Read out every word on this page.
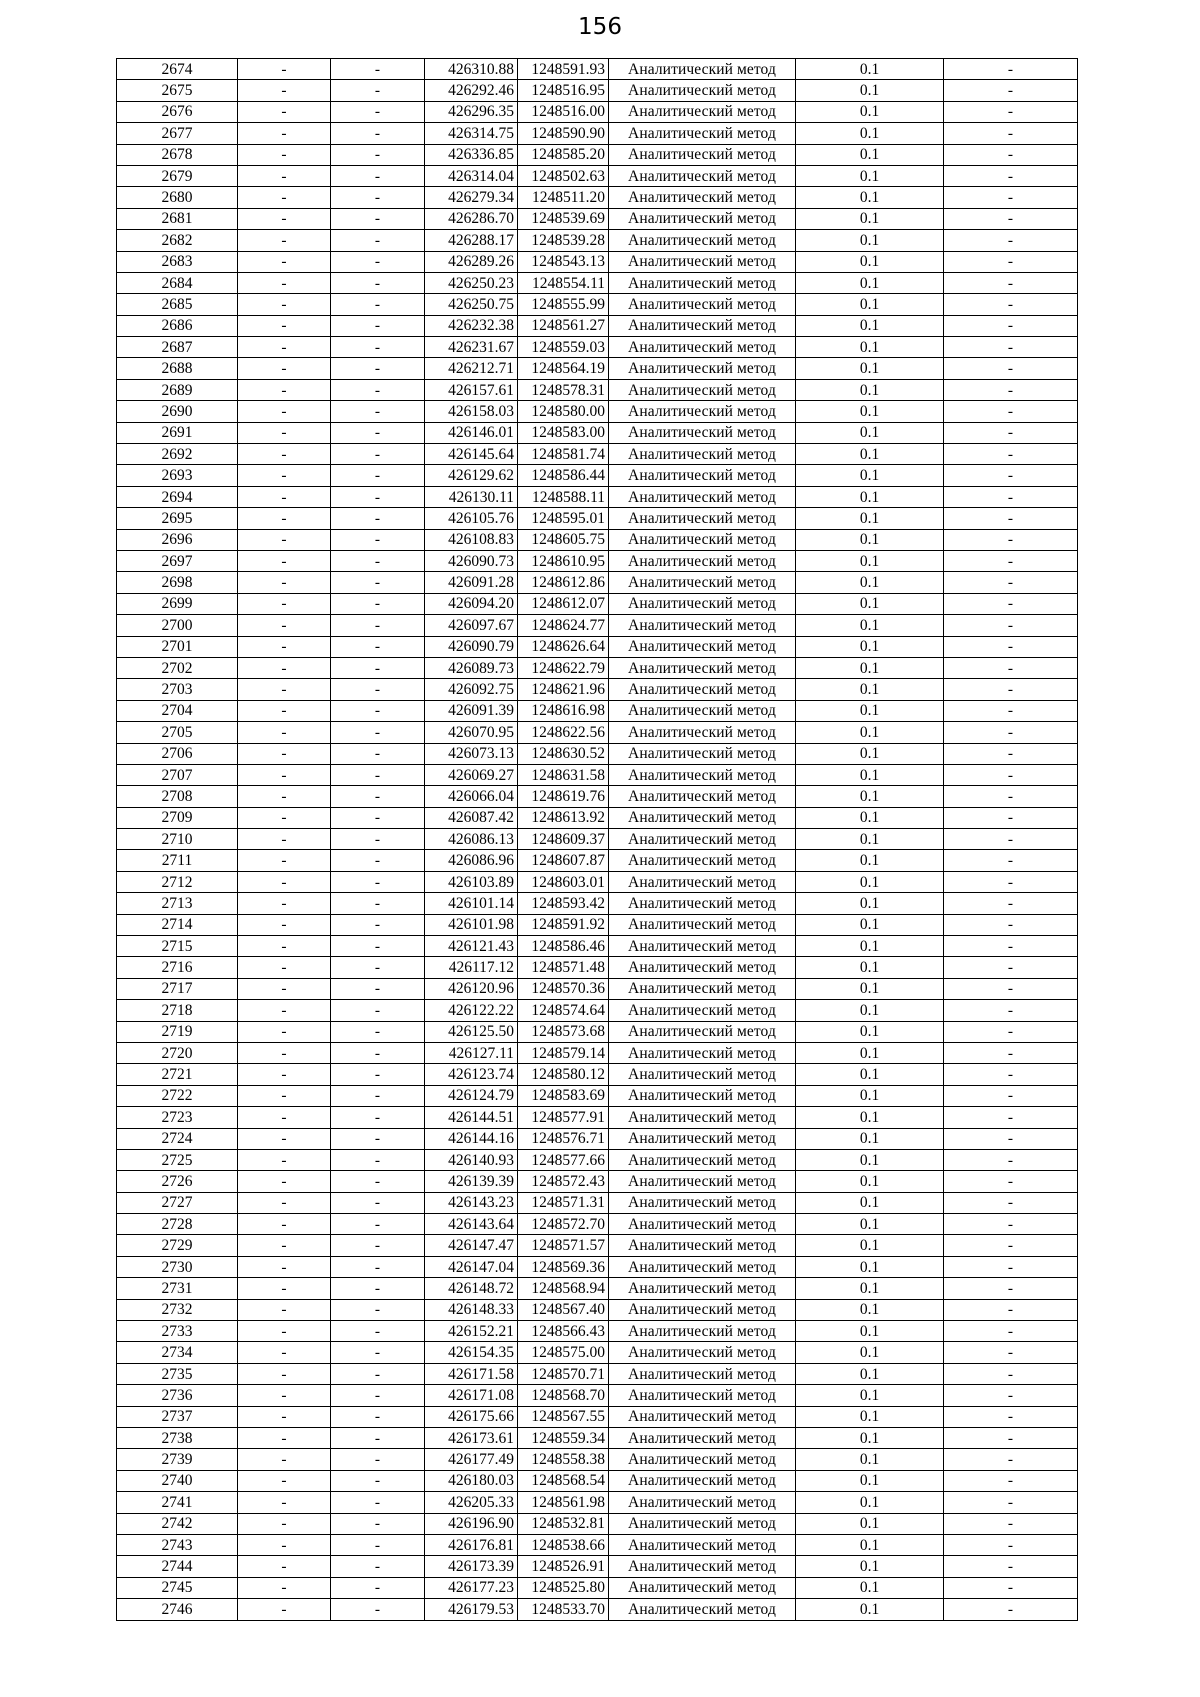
156
2674	-	-	426310.88	1248591.93	Аналитический метод	0.1	-
2675	-	-	426292.46	1248516.95	Аналитический метод	0.1	-
2676	-	-	426296.35	1248516.00	Аналитический метод	0.1	-
2677	-	-	426314.75	1248590.90	Аналитический метод	0.1	-
2678	-	-	426336.85	1248585.20	Аналитический метод	0.1	-
2679	-	-	426314.04	1248502.63	Аналитический метод	0.1	-
2680	-	-	426279.34	1248511.20	Аналитический метод	0.1	-
2681	-	-	426286.70	1248539.69	Аналитический метод	0.1	-
2682	-	-	426288.17	1248539.28	Аналитический метод	0.1	-
2683	-	-	426289.26	1248543.13	Аналитический метод	0.1	-
2684	-	-	426250.23	1248554.11	Аналитический метод	0.1	-
2685	-	-	426250.75	1248555.99	Аналитический метод	0.1	-
2686	-	-	426232.38	1248561.27	Аналитический метод	0.1	-
2687	-	-	426231.67	1248559.03	Аналитический метод	0.1	-
2688	-	-	426212.71	1248564.19	Аналитический метод	0.1	-
2689	-	-	426157.61	1248578.31	Аналитический метод	0.1	-
2690	-	-	426158.03	1248580.00	Аналитический метод	0.1	-
2691	-	-	426146.01	1248583.00	Аналитический метод	0.1	-
2692	-	-	426145.64	1248581.74	Аналитический метод	0.1	-
2693	-	-	426129.62	1248586.44	Аналитический метод	0.1	-
2694	-	-	426130.11	1248588.11	Аналитический метод	0.1	-
2695	-	-	426105.76	1248595.01	Аналитический метод	0.1	-
2696	-	-	426108.83	1248605.75	Аналитический метод	0.1	-
2697	-	-	426090.73	1248610.95	Аналитический метод	0.1	-
2698	-	-	426091.28	1248612.86	Аналитический метод	0.1	-
2699	-	-	426094.20	1248612.07	Аналитический метод	0.1	-
2700	-	-	426097.67	1248624.77	Аналитический метод	0.1	-
2701	-	-	426090.79	1248626.64	Аналитический метод	0.1	-
2702	-	-	426089.73	1248622.79	Аналитический метод	0.1	-
2703	-	-	426092.75	1248621.96	Аналитический метод	0.1	-
2704	-	-	426091.39	1248616.98	Аналитический метод	0.1	-
2705	-	-	426070.95	1248622.56	Аналитический метод	0.1	-
2706	-	-	426073.13	1248630.52	Аналитический метод	0.1	-
2707	-	-	426069.27	1248631.58	Аналитический метод	0.1	-
2708	-	-	426066.04	1248619.76	Аналитический метод	0.1	-
2709	-	-	426087.42	1248613.92	Аналитический метод	0.1	-
2710	-	-	426086.13	1248609.37	Аналитический метод	0.1	-
2711	-	-	426086.96	1248607.87	Аналитический метод	0.1	-
2712	-	-	426103.89	1248603.01	Аналитический метод	0.1	-
2713	-	-	426101.14	1248593.42	Аналитический метод	0.1	-
2714	-	-	426101.98	1248591.92	Аналитический метод	0.1	-
2715	-	-	426121.43	1248586.46	Аналитический метод	0.1	-
2716	-	-	426117.12	1248571.48	Аналитический метод	0.1	-
2717	-	-	426120.96	1248570.36	Аналитический метод	0.1	-
2718	-	-	426122.22	1248574.64	Аналитический метод	0.1	-
2719	-	-	426125.50	1248573.68	Аналитический метод	0.1	-
2720	-	-	426127.11	1248579.14	Аналитический метод	0.1	-
2721	-	-	426123.74	1248580.12	Аналитический метод	0.1	-
2722	-	-	426124.79	1248583.69	Аналитический метод	0.1	-
2723	-	-	426144.51	1248577.91	Аналитический метод	0.1	-
2724	-	-	426144.16	1248576.71	Аналитический метод	0.1	-
2725	-	-	426140.93	1248577.66	Аналитический метод	0.1	-
2726	-	-	426139.39	1248572.43	Аналитический метод	0.1	-
2727	-	-	426143.23	1248571.31	Аналитический метод	0.1	-
2728	-	-	426143.64	1248572.70	Аналитический метод	0.1	-
2729	-	-	426147.47	1248571.57	Аналитический метод	0.1	-
2730	-	-	426147.04	1248569.36	Аналитический метод	0.1	-
2731	-	-	426148.72	1248568.94	Аналитический метод	0.1	-
2732	-	-	426148.33	1248567.40	Аналитический метод	0.1	-
2733	-	-	426152.21	1248566.43	Аналитический метод	0.1	-
2734	-	-	426154.35	1248575.00	Аналитический метод	0.1	-
2735	-	-	426171.58	1248570.71	Аналитический метод	0.1	-
2736	-	-	426171.08	1248568.70	Аналитический метод	0.1	-
2737	-	-	426175.66	1248567.55	Аналитический метод	0.1	-
2738	-	-	426173.61	1248559.34	Аналитический метод	0.1	-
2739	-	-	426177.49	1248558.38	Аналитический метод	0.1	-
2740	-	-	426180.03	1248568.54	Аналитический метод	0.1	-
2741	-	-	426205.33	1248561.98	Аналитический метод	0.1	-
2742	-	-	426196.90	1248532.81	Аналитический метод	0.1	-
2743	-	-	426176.81	1248538.66	Аналитический метод	0.1	-
2744	-	-	426173.39	1248526.91	Аналитический метод	0.1	-
2745	-	-	426177.23	1248525.80	Аналитический метод	0.1	-
2746	-	-	426179.53	1248533.70	Аналитический метод	0.1	-
